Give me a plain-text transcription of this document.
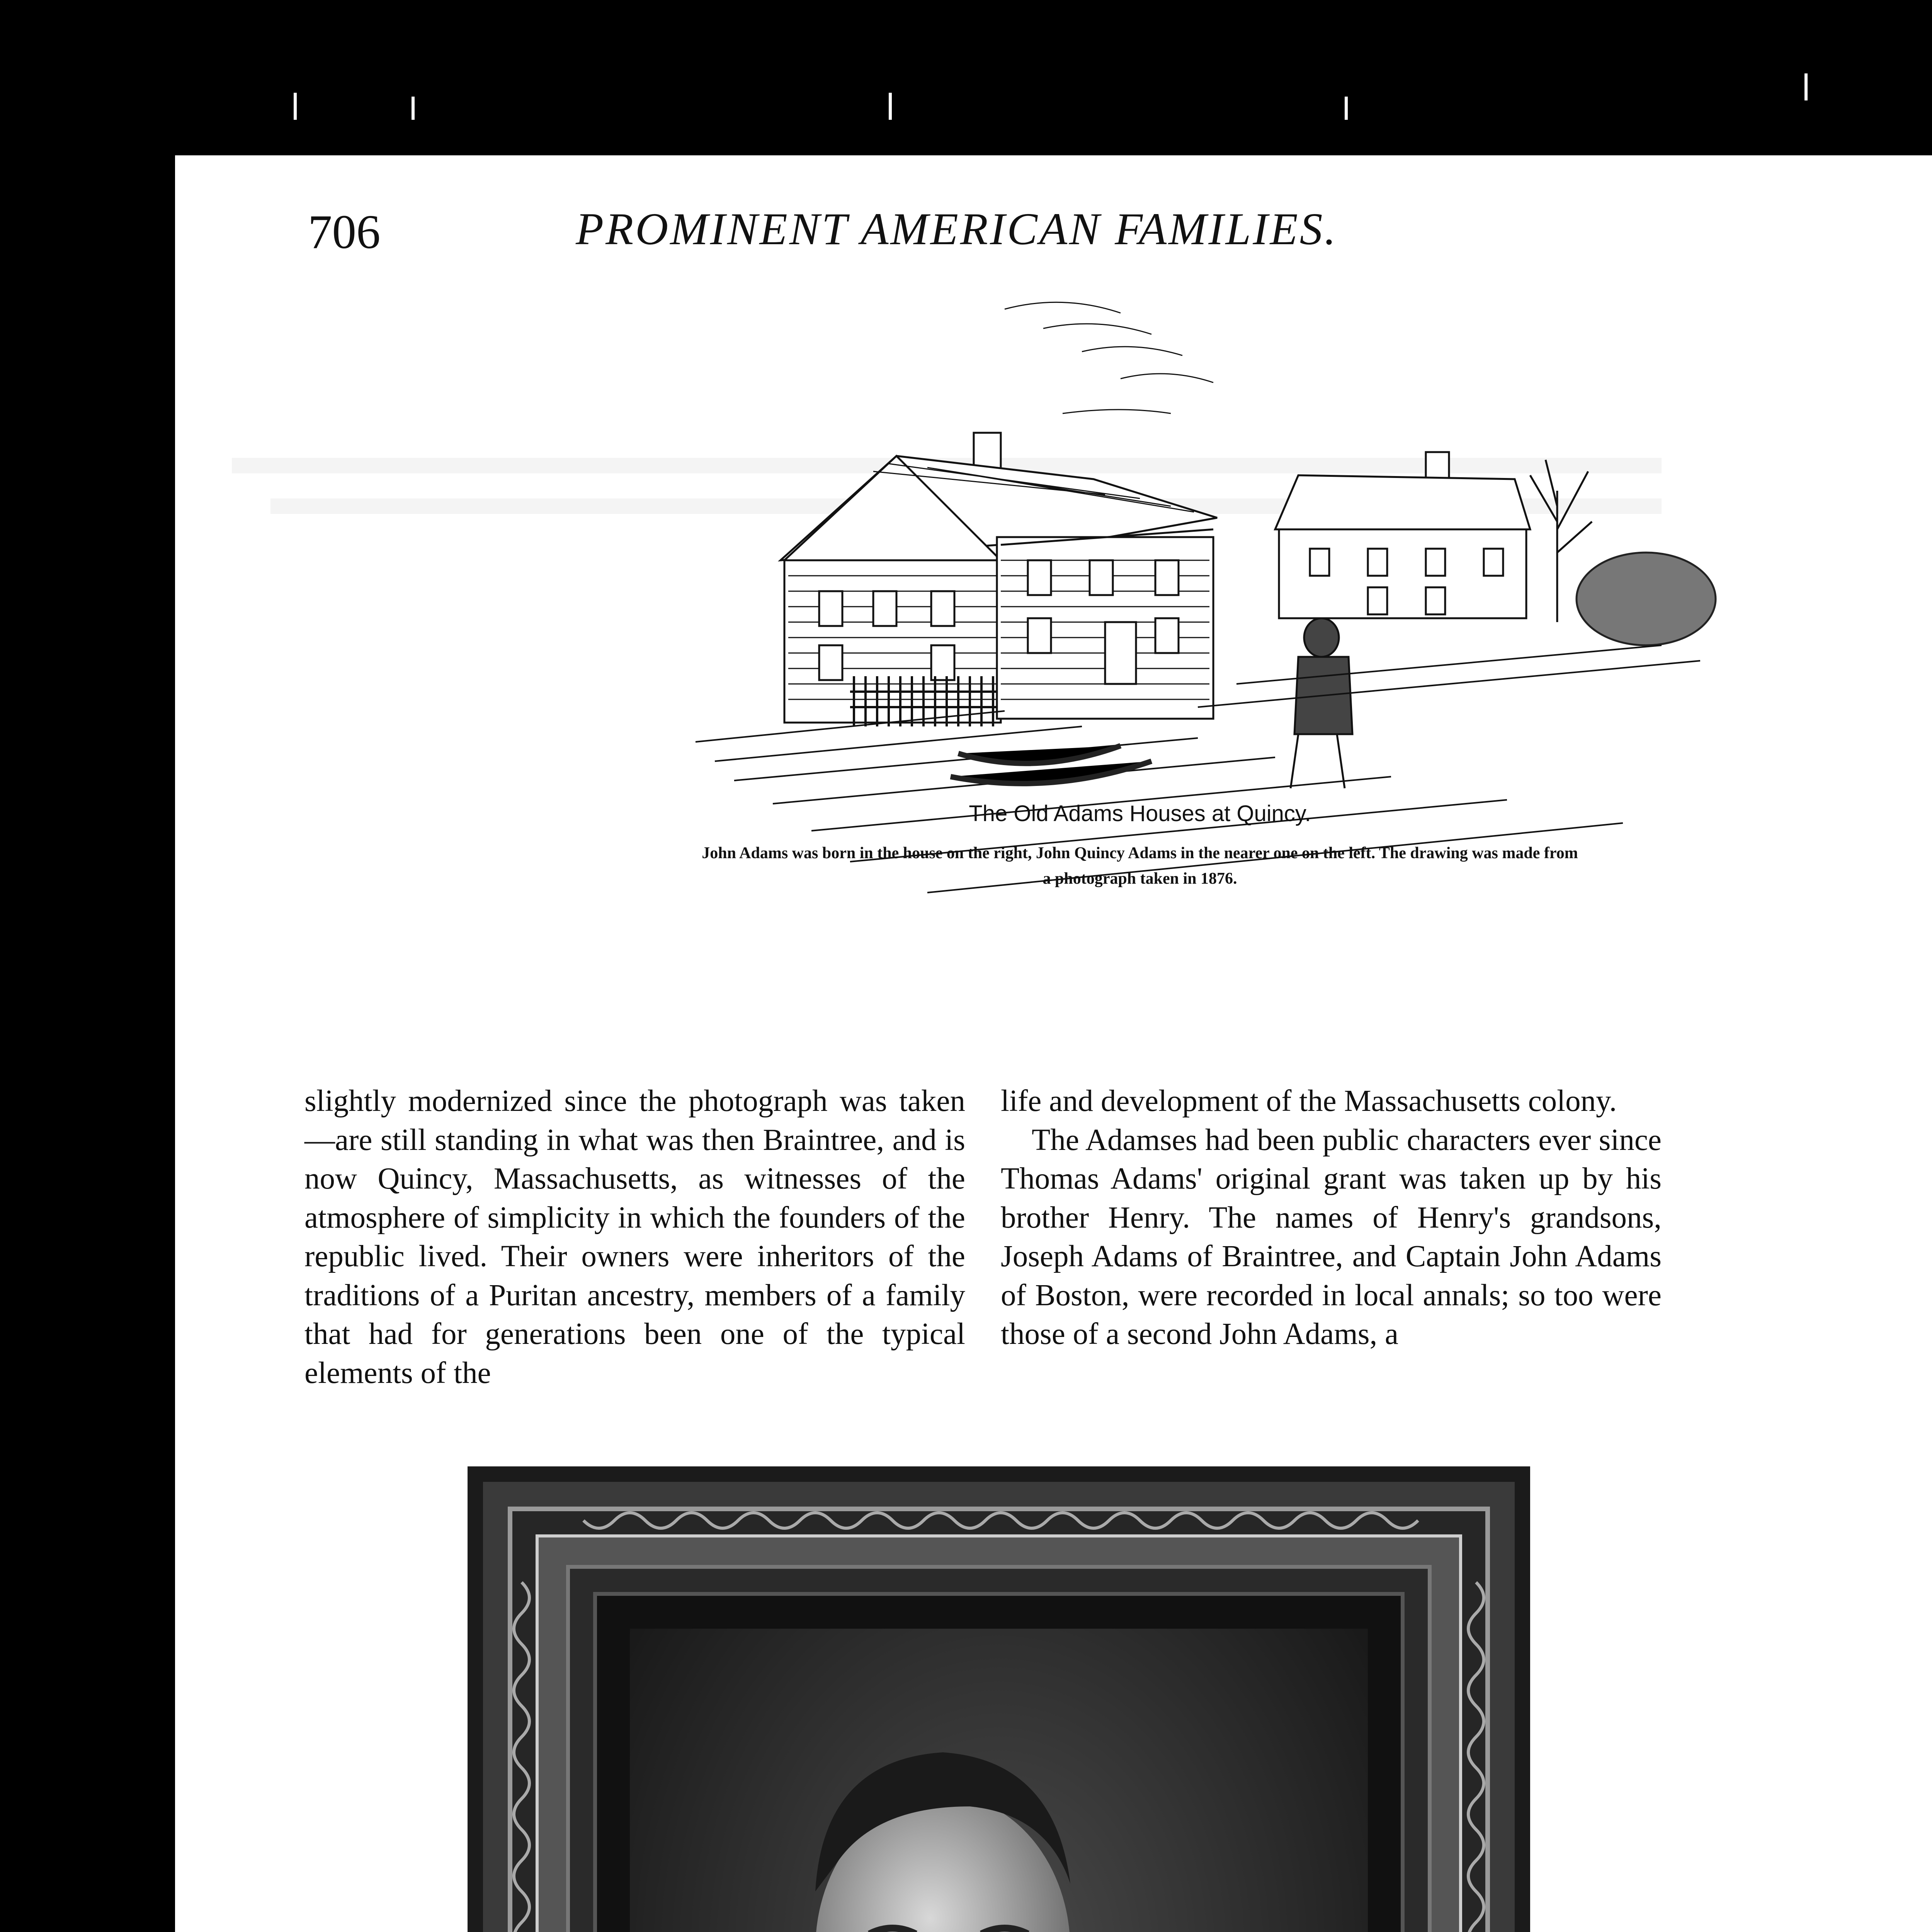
706	PROMINENT AMERICAN FAMILIES.
The Old Adams Houses at Quincy.
John Adams was born in the house on the right, John Quincy Adams in the nearer one on the left. The drawing was made from
a photograph taken in 1876.
slightly modernized since the photograph was taken—are still standing in what was then Braintree, and is now Quincy, Massachusetts, as witnesses of the atmosphere of simplicity in which the founders of the republic lived. Their owners were inheritors of the traditions of a Puritan ancestry, members of a family that had for generations been one of the typical elements of the
life and development of the Massachusetts colony.
The Adamses had been public characters ever since Thomas Adams' original grant was taken up by his brother Henry. The names of Henry's grandsons, Joseph Adams of Braintree, and Captain John Adams of Boston, were recorded in local annals; so too were those of a second John Adams, a
